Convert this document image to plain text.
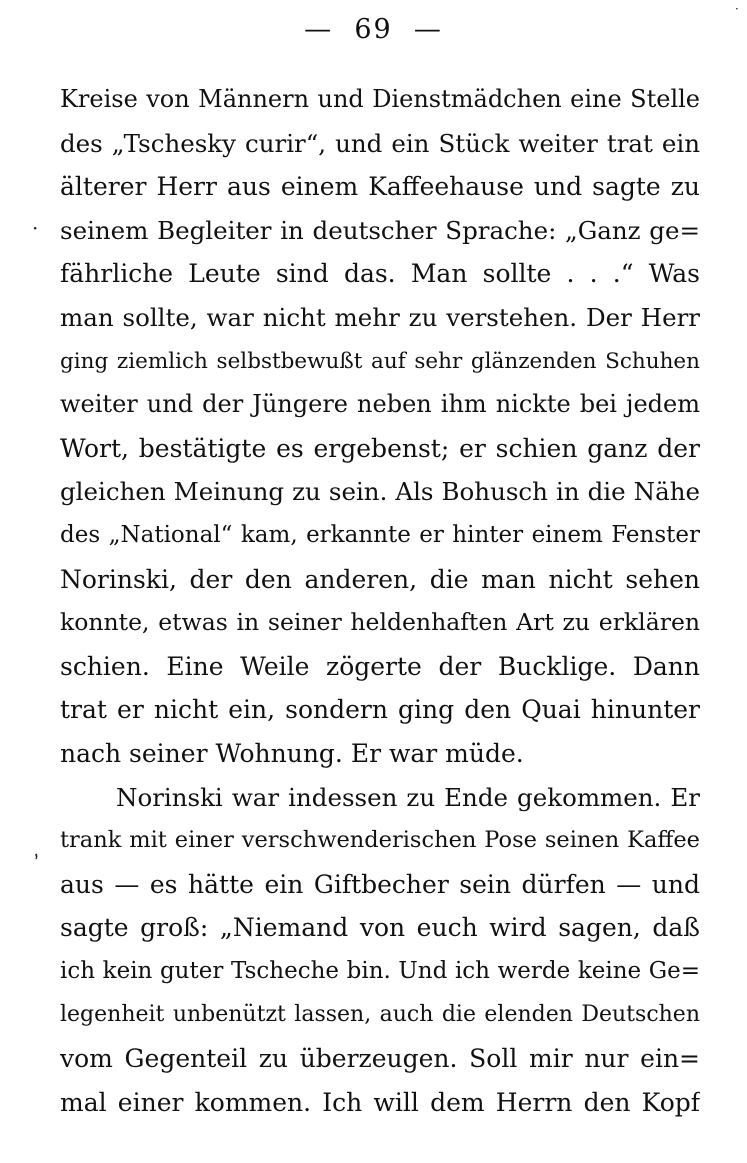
—  69  —
·
·
,
Kreise von Männern und Dienstmädchen eine Stelle
des „Tschesky curir“, und ein Stück weiter trat ein
älterer Herr aus einem Kaffeehause und sagte zu
seinem Begleiter in deutscher Sprache: „Ganz ge=
fährliche Leute sind das. Man sollte . . .“ Was
man sollte, war nicht mehr zu verstehen. Der Herr
ging ziemlich selbstbewußt auf sehr glänzenden Schuhen
weiter und der Jüngere neben ihm nickte bei jedem
Wort, bestätigte es ergebenst; er schien ganz der
gleichen Meinung zu sein. Als Bohusch in die Nähe
des „National“ kam, erkannte er hinter einem Fenster
Norinski, der den anderen, die man nicht sehen
konnte, etwas in seiner heldenhaften Art zu erklären
schien. Eine Weile zögerte der Bucklige. Dann
trat er nicht ein, sondern ging den Quai hinunter
nach seiner Wohnung. Er war müde.
Norinski war indessen zu Ende gekommen. Er
trank mit einer verschwenderischen Pose seinen Kaffee
aus — es hätte ein Giftbecher sein dürfen — und
sagte groß: „Niemand von euch wird sagen, daß
ich kein guter Tscheche bin. Und ich werde keine Ge=
legenheit unbenützt lassen, auch die elenden Deutschen
vom Gegenteil zu überzeugen. Soll mir nur ein=
mal einer kommen. Ich will dem Herrn den Kopf
